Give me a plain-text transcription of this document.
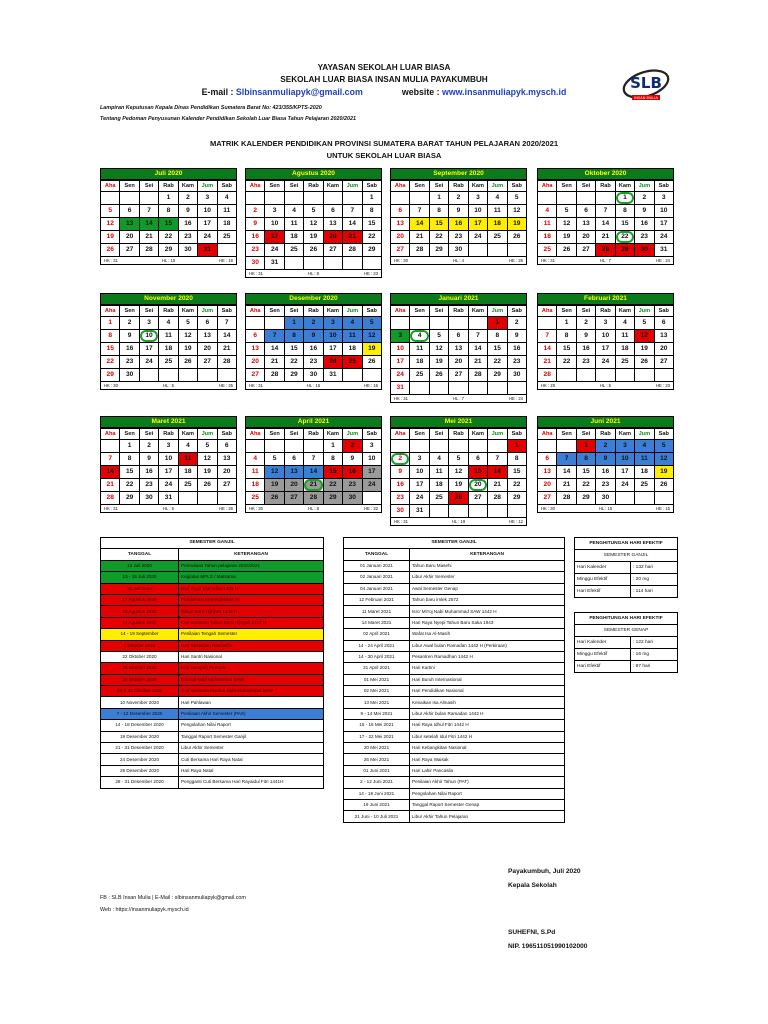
YAYASAN SEKOLAH LUAR BIASA
SEKOLAH LUAR BIASA INSAN MULIA PAYAKUMBUH
E-mail : Slbinsanmuliapyk@gmail.com	website : www.insanmuliapyk.mysch.id	SLB
INSAN MULIA
Lampiran Keputusan Kepala Dinas Pendidikan Sumatera Barat No: 423/355/KPTS-2020
Tentang Pedoman Penyusunan Kalender Pendidikan Sekolah Luar Biasa Tahun Pelajaran 2020/2021
MATRIK KALENDER PENDIDIKAN PROVINSI SUMATERA BARAT TAHUN PELAJARAN 2020/2021
UNTUK SEKOLAH LUAR BIASA
Juli 2020
Aha	Sen	Sei	Rab	Kam	Jum	Sab
			1	2	3	4
5	6	7	8	9	10	11
12	13	14	15	16	17	18
19	20	21	22	23	24	25
26	27	28	29	30	31	
HK : 31	HL : 15	HE : 16
Agustus 2020
Aha	Sen	Sei	Rab	Kam	Jum	Sab
						1
2	3	4	5	6	7	8
9	10	11	12	13	14	15
16	17	18	19	20	21	22
23	24	25	26	27	28	29
30	31					
HK : 31	HL : 8	HE : 23
September 2020
Aha	Sen	Sei	Rab	Kam	Jum	Sab
		1	2	3	4	5
6	7	8	9	10	11	12
13	14	15	16	17	18	19
20	21	22	23	24	25	26
27	28	29	30			
HK : 30	HL : 4	HE : 26
Oktober 2020
Aha	Sen	Sei	Rab	Kam	Jum	Sab
				1	2	3
4	5	6	7	8	9	10
11	12	13	14	15	16	17
18	19	20	21	22	23	24
25	26	27	28	29	30	31
HK : 31	HL : 7	HE : 24
November 2020
Aha	Sen	Sei	Rab	Kam	Jum	Sab
1	2	3	4	5	6	7
8	9	10	11	12	13	14
15	16	17	18	19	20	21
22	23	24	25	26	27	28
29	30					
HK : 30	HL : 5	HE : 25
Desember 2020
Aha	Sen	Sei	Rab	Kam	Jum	Sab
		1	2	3	4	5
6	7	8	9	10	11	12
13	14	15	16	17	18	19
20	21	22	23	24	25	26
27	28	29	30	31		
HK : 31	HL : 15	HE : 16
Januari 2021
Aha	Sen	Sei	Rab	Kam	Jum	Sab
					1	2
3	4	5	6	7	8	9
10	11	12	13	14	15	16
17	18	19	20	21	22	23
24	25	26	27	28	29	30
31						
HK : 31	HL : 7	HE : 24
Februari 2021
Aha	Sen	Sei	Rab	Kam	Jum	Sab
	1	2	3	4	5	6
7	8	9	10	11	12	13
14	15	16	17	18	19	20
21	22	23	24	25	26	27
28						
HK : 28	HL : 5	HE : 23
Maret 2021
Aha	Sen	Sei	Rab	Kam	Jum	Sab
	1	2	3	4	5	6
7	8	9	10	11	12	13
14	15	16	17	18	19	20
21	22	23	24	25	26	27
28	29	30	31			
HK : 31	HL : 5	HE : 26
April 2021
Aha	Sen	Sei	Rab	Kam	Jum	Sab
				1	2	3
4	5	6	7	8	9	10
11	12	13	14	15	16	17
18	19	20	21	22	23	24
25	26	27	28	29	30	
HK : 30	HL : 8	HE : 22
Mei 2021
Aha	Sen	Sei	Rab	Kam	Jum	Sab
						1
2	3	4	5	6	7	8
9	10	11	12	13	14	15
16	17	18	19	20	21	22
23	24	25	26	27	28	29
30	31					
HK : 31	HL : 19	HE : 12
Juni 2021
Aha	Sen	Sei	Rab	Kam	Jum	Sab
		1	2	3	4	5
6	7	8	9	10	11	12
13	14	15	16	17	18	19
20	21	22	23	24	25	26
27	28	29	30			
HK : 30	HL : 15	HE : 15
SEMESTER GANJIL	
TANGGAL	KETERANGAN
13 Juli 2020	Permulaan Tahun pelajaran 2020/2021
13 - 15 Juli 2020	Kegiatan MPLS / Matsama
31 Juli 2020	Hari Raya Idul Adha 1441 H
17 Agustus 2020	Proklamasi Kemerdekaan RI
20 Agustus 2020	Tahun Baru Hijriyah 1442 H
21 Agustus 2020	Cuti Bersama Tahun Baru Hijriyah 1442 H
14 - 19 September	Penilaian Tengah Semester
1 Oktober 2020	Hari Kesaktian Pancasila
22 Oktober 2020	Hari Santri Nasional
28 Oktober 2020	Hari Sumpah Pemuda
29 Oktober 2020	Maulud Nabi Muhammad SAW
28 & 30 Oktober 2020	Cuti Bersama Maulud Nabi Muhammad SAW
10 November 2020	Hari Pahlawan
7 - 12 Desember 2020	Penilaian Akhir Semester (PAS)
14 - 18 Desember 2020	Pengolahan Nilai Raport
19 Desember 2020	Tanggal Raport Semester Ganjil
21 - 31 Desember 2020	Libur Akhir Semester
24 Desember 2020	Cuti Bersama Hari Raya Natal
25 Desember 2020	Hari Raya Natal
28 - 31 Desember 2020	Pengganti Cuti Bersama Hari Rayaidul Fitri 1441H
SEMESTER GANJIL	
TANGGAL	KETERANGAN
01 Januari 2021	Tahun Baru Masehi
02 Januari 2021	Libur Akhir Semester
04 Januari 2021	Awal Semester Genap
12 Februari 2021	Tahun baru imlek 2572
11 Maret 2021	Isro' Mi'roj Nabi Muhammad SAW 1442 H
14 Maret 2021	Hari Raya Nyepi Tahun Baru Saka 1943
02 April 2021	Wafat Isa Al-Masih
14 - 24 April 2021	Libur Awal bulan Ramadan 1442 H (Perkiraan)
14 - 30 April 2021	Pesantren Ramadhan 1442 H
21 April 2021	Hari Kartini
01 Mei 2021	Hari Buruh Internasional
02 Mei 2021	Hari Pendidikan Nasional
13 Mei 2021	Kenaikan Isa Almasih
9 - 14 Mei 2021	Libur Akhir bulan Ramadan 1442 H
15 - 16 Mei 2021	Hari Raya Idhul Fitri 1442 H
17 - 22 Mei 2021	Libur setelah Idul Fitri 1442 H
20 Mei 2021	Hari Kebangkitan Nasional
26 Mei 2021	Hari Raya Waisak
01 Juni 2021	Hari Lahir Pancasila
2 - 12 Juni 2021	Penilaian Akhir Tahun (PAT)
14 - 18 Juni 2021	Pengolahan Nilai Raport
19 Juni 2021	Tanggal Raport Semester Genap
21 Juni - 10 Juli 2021	Libur Akhir Tahun Pelajaran
PENGHITUNGAN HARI EFEKTIF	
SEMESTER GANJIL	
Hari Kalender	: 132 hari
Minggu Efektif	: 20 mg
Hari Efektif	: 114 hari
PENGHITUNGAN HARI EFEKTIF	
SEMESTER GENAP	
Hari Kalender	: 122 hari
Minggu Efektif	: 16 mg
Hari Efektif	: 87 hari
Payakumbuh, Juli 2020
Kepala Sekolah
SUHEFNI, S.Pd
NIP. 196511051990102000
FB : SLB Insan Mulia | E-Mail : slbinsanmuliapyk@gmail.com
Web : https://insanmuliapyk.mysch.id
